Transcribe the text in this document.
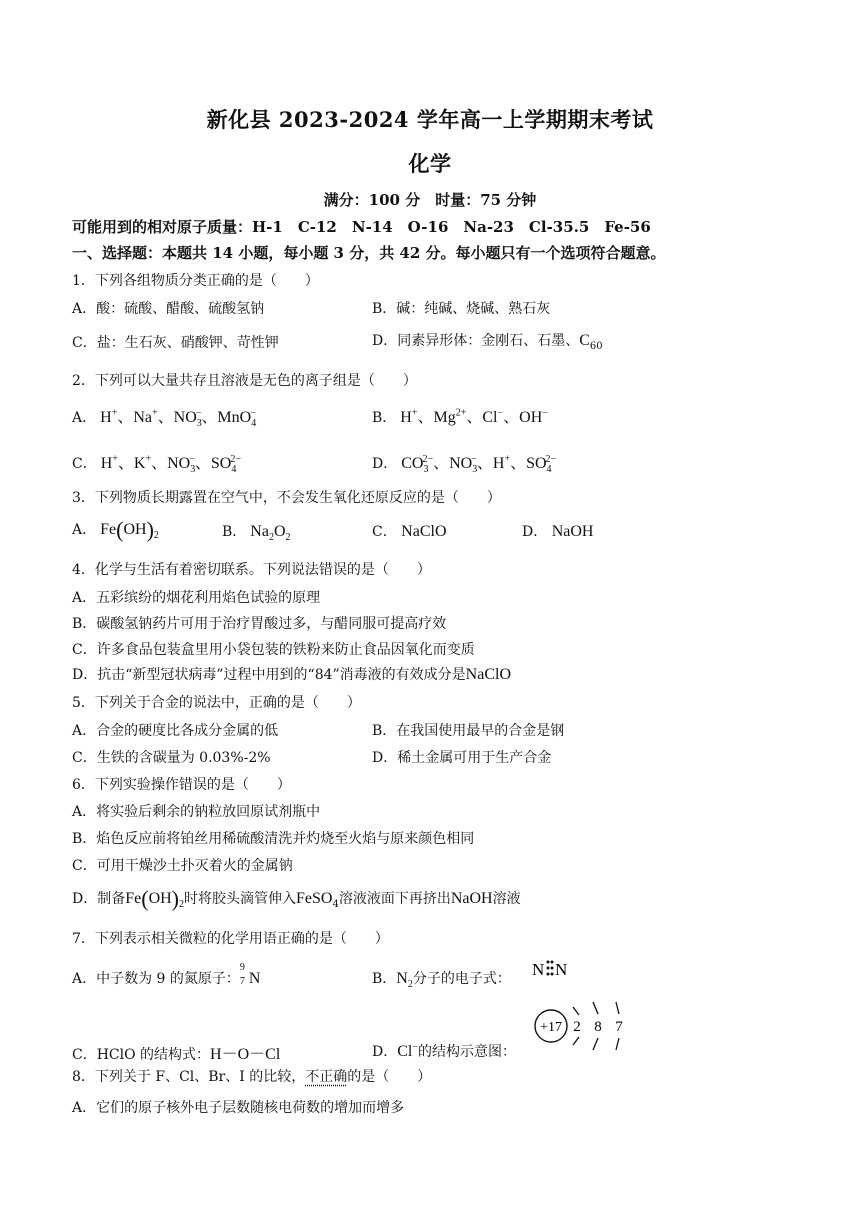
新化县 2023-2024 学年高一上学期期末考试
化学
满分：100 分　时量：75 分钟
可能用到的相对原子质量：H-1　C-12　N-14　O-16　Na-23　Cl-35.5　Fe-56
一、选择题：本题共 14 小题，每小题 3 分，共 42 分。每小题只有一个选项符合题意。
1．下列各组物质分类正确的是（　　）
A．酸：硫酸、醋酸、硫酸氢钠	B．碱：纯碱、烧碱、熟石灰
C．盐：生石灰、硝酸钾、苛性钾	D．同素异形体：金刚石、石墨、$C_{60}$
2．下列可以大量共存且溶液是无色的离子组是（　　）
A． H+、Na+、$NO_3^-$、MnO$_4$−	B． H+、$Mg^{2+}$、Cl−、OH−
C． H+、K+、$NO_3^-$、$SO_4^{2-}$	D． $CO_3^{2-}$、$NO_3^-$、H+、$SO_4^{2-}$
3．下列物质长期露置在空气中，不会发生氧化还原反应的是（　　）
A． $Fe(OH)_2$	B． $Na_2O_2$	C． NaClO	D． NaOH
4．化学与生活有着密切联系。下列说法错误的是（　　）
A．五彩缤纷的烟花利用焰色试验的原理
B．碳酸氢钠药片可用于治疗胃酸过多，与醋同服可提高疗效
C．许多食品包装盒里用小袋包装的铁粉来防止食品因氧化而变质
D．抗击“新型冠状病毒”过程中用到的“84”消毒液的有效成分是NaClO
5．下列关于合金的说法中，正确的是（　　）
A．合金的硬度比各成分金属的低	B．在我国使用最早的合金是钢
C．生铁的含碳量为 0.03%-2%	D．稀土金属可用于生产合金
6．下列实验操作错误的是（　　）
A．将实验后剩余的钠粒放回原试剂瓶中
B．焰色反应前将铂丝用稀硫酸清洗并灼烧至火焰与原来颜色相同
C．可用干燥沙土扑灭着火的金属钠
D．制备$Fe(OH)_2$时将胶头滴管伸入FeSO$_4$溶液液面下再挤出NaOH溶液
7．下列表示相关微粒的化学用语正确的是（　　）
A．中子数为 9 的氮原子：
9
7 N	B．$N_2$分子的电子式： N N
C．HClO 的结构式：H－O－Cl	D．Cl−的结构示意图：
+17 2 8 7
8．下列关于 F、Cl、Br、I 的比较，不正确的是（　　）
A．它们的原子核外电子层数随核电荷数的增加而增多
